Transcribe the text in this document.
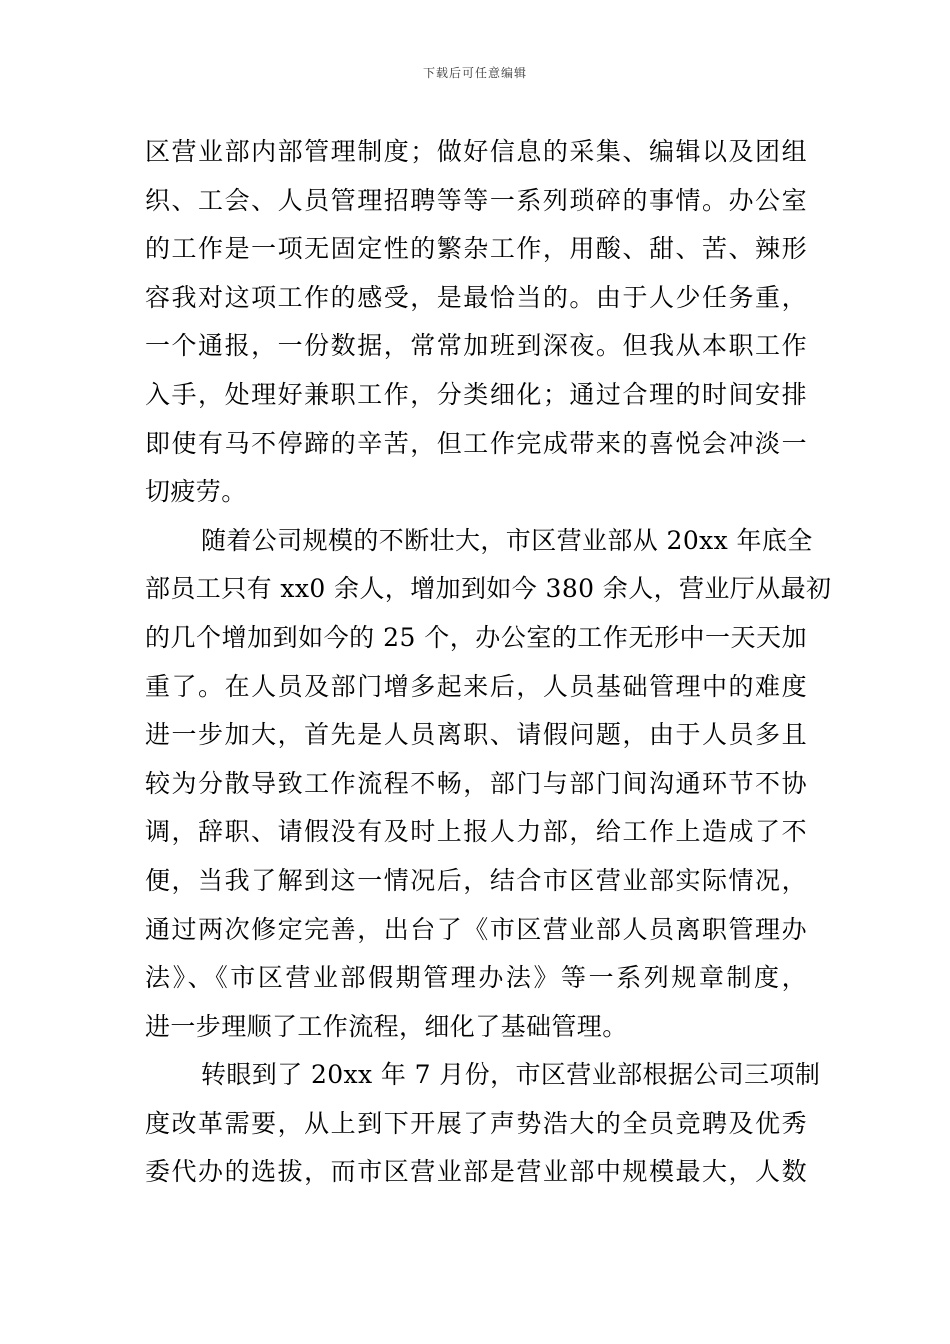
下载后可任意编辑
区营业部内部管理制度；做好信息的采集、编辑以及团组
织、工会、人员管理招聘等等一系列琐碎的事情。办公室
的工作是一项无固定性的繁杂工作，用酸、甜、苦、辣形
容我对这项工作的感受，是最恰当的。由于人少任务重，
一个通报，一份数据，常常加班到深夜。但我从本职工作
入手，处理好兼职工作，分类细化；通过合理的时间安排
即使有马不停蹄的辛苦，但工作完成带来的喜悦会冲淡一
切疲劳。
随着公司规模的不断壮大，市区营业部从 20xx 年底全
部员工只有 xx0 余人，增加到如今 380 余人，营业厅从最初
的几个增加到如今的 25 个，办公室的工作无形中一天天加
重了。在人员及部门增多起来后，人员基础管理中的难度
进一步加大，首先是人员离职、请假问题，由于人员多且
较为分散导致工作流程不畅，部门与部门间沟通环节不协
调，辞职、请假没有及时上报人力部，给工作上造成了不
便，当我了解到这一情况后，结合市区营业部实际情况，
通过两次修定完善，出台了《市区营业部人员离职管理办
法》、《市区营业部假期管理办法》等一系列规章制度，
进一步理顺了工作流程，细化了基础管理。
转眼到了 20xx 年 7 月份，市区营业部根据公司三项制
度改革需要，从上到下开展了声势浩大的全员竞聘及优秀
委代办的选拔，而市区营业部是营业部中规模最大，人数
